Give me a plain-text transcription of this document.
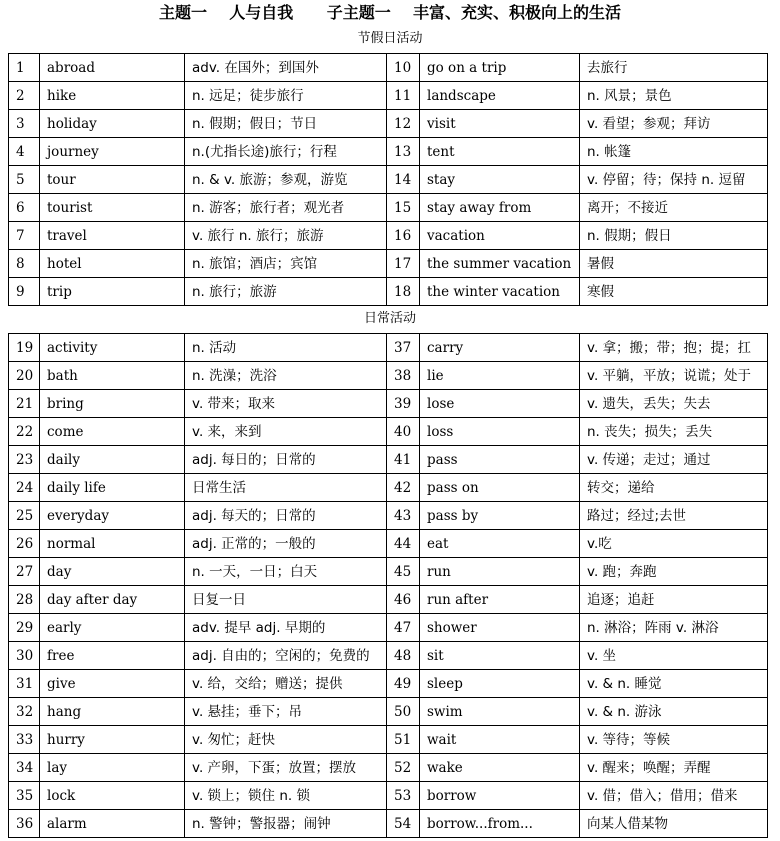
主题一    人与自我      子主题一    丰富、充实、积极向上的生活
节假日活动
1	abroad	adv. 在国外；到国外	10	go on a trip	去旅行
2	hike	n. 远足；徒步旅行	11	landscape	n. 风景；景色
3	holiday	n. 假期；假日；节日	12	visit	v. 看望；参观；拜访
4	journey	n.(尤指长途)旅行；行程	13	tent	n. 帐篷
5	tour	n. & v. 旅游；参观，游览	14	stay	v. 停留；待；保持 n. 逗留
6	tourist	n. 游客；旅行者；观光者	15	stay away from	离开；不接近
7	travel	v. 旅行 n. 旅行；旅游	16	vacation	n. 假期；假日
8	hotel	n. 旅馆；酒店；宾馆	17	the summer vacation	暑假
9	trip	n. 旅行；旅游	18	the winter vacation	寒假
日常活动
19	activity	n. 活动	37	carry	v. 拿；搬；带；抱；提；扛
20	bath	n. 洗澡；洗浴	38	lie	v. 平躺，平放；说谎；处于
21	bring	v. 带来；取来	39	lose	v. 遗失，丢失；失去
22	come	v. 来，来到	40	loss	n. 丧失；损失；丢失
23	daily	adj. 每日的；日常的	41	pass	v. 传递；走过；通过
24	daily life	日常生活	42	pass on	转交；递给
25	everyday	adj. 每天的；日常的	43	pass by	路过；经过;去世
26	normal	adj. 正常的；一般的	44	eat	v.吃
27	day	n. 一天，一日；白天	45	run	v. 跑；奔跑
28	day after day	日复一日	46	run after	追逐；追赶
29	early	adv. 提早 adj. 早期的	47	shower	n. 淋浴；阵雨 v. 淋浴
30	free	adj. 自由的；空闲的；免费的	48	sit	v. 坐
31	give	v. 给，交给；赠送；提供	49	sleep	v. & n. 睡觉
32	hang	v. 悬挂；垂下；吊	50	swim	v. & n. 游泳
33	hurry	v. 匆忙；赶快	51	wait	v. 等待；等候
34	lay	v. 产卵，下蛋；放置；摆放	52	wake	v. 醒来；唤醒；弄醒
35	lock	v. 锁上；锁住 n. 锁	53	borrow	v. 借；借入；借用；借来
36	alarm	n. 警钟；警报器；闹钟	54	borrow...from...	向某人借某物
